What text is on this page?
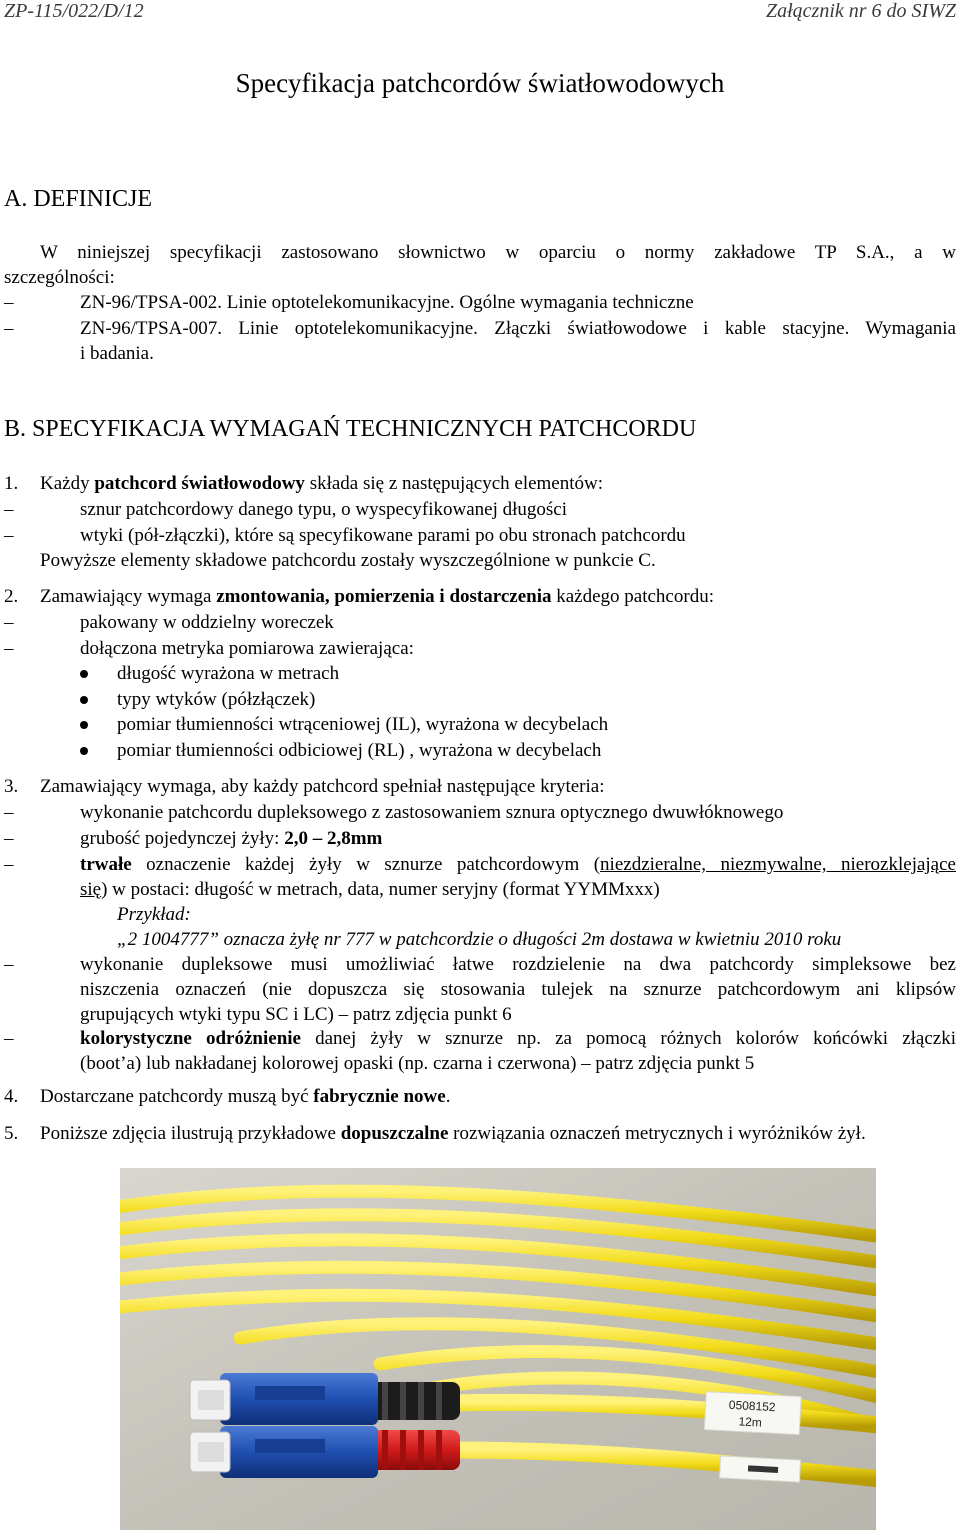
ZP-115/022/D/12	Załącznik nr 6 do SIWZ
Specyfikacja patchcordów światłowodowych
A. DEFINICJE
W niniejszej specyfikacji zastosowano słownictwo w oparciu o normy zakładowe TP S.A., a w
szczególności:
–	ZN-96/TPSA-002. Linie optotelekomunikacyjne. Ogólne wymagania techniczne
–	ZN-96/TPSA-007. Linie optotelekomunikacyjne. Złączki światłowodowe i kable stacyjne. Wymagania
i badania.
B. SPECYFIKACJA WYMAGAŃ TECHNICZNYCH PATCHCORDU
1. Każdy patchcord światłowodowy składa się z następujących elementów:
–	sznur patchcordowy danego typu, o wyspecyfikowanej długości
–	wtyki (pół-złączki), które są specyfikowane parami po obu stronach patchcordu
Powyższe elementy składowe patchcordu zostały wyszczególnione w punkcie C.
2. Zamawiający wymaga zmontowania, pomierzenia i dostarczenia każdego patchcordu:
–	pakowany w oddzielny woreczek
–	dołączona metryka pomiarowa zawierająca:
długość wyrażona w metrach
typy wtyków (półzłączek)
pomiar tłumienności wtrąceniowej (IL), wyrażona w decybelach
pomiar tłumienności odbiciowej (RL) , wyrażona w decybelach
3. Zamawiający wymaga, aby każdy patchcord spełniał następujące kryteria:
–	wykonanie patchcordu dupleksowego z zastosowaniem sznura optycznego dwuwłóknowego
–	grubość pojedynczej żyły: 2,0 – 2,8mm
–	trwałe oznaczenie każdej żyły w sznurze patchcordowym (niezdzieralne, niezmywalne, nierozklejające
się) w postaci: długość w metrach, data, numer seryjny (format YYMMxxx)
Przykład:
„2 1004777” oznacza żyłę nr 777 w patchcordzie o długości 2m dostawa w kwietniu 2010 roku
–	wykonanie dupleksowe musi umożliwiać łatwe rozdzielenie na dwa patchcordy simpleksowe bez
niszczenia oznaczeń (nie dopuszcza się stosowania tulejek na sznurze patchcordowym ani klipsów
grupujących wtyki typu SC i LC) – patrz zdjęcia punkt 6
–	kolorystyczne odróżnienie danej żyły w sznurze np. za pomocą różnych kolorów końcówki złączki
(boot’a) lub nakładanej kolorowej opaski (np. czarna i czerwona) – patrz zdjęcia punkt 5
4. Dostarczane patchcordy muszą być fabrycznie nowe.
5. Poniższe zdjęcia ilustrują przykładowe dopuszczalne rozwiązania oznaczeń metrycznych i wyróżników żył.
0508152
12m
